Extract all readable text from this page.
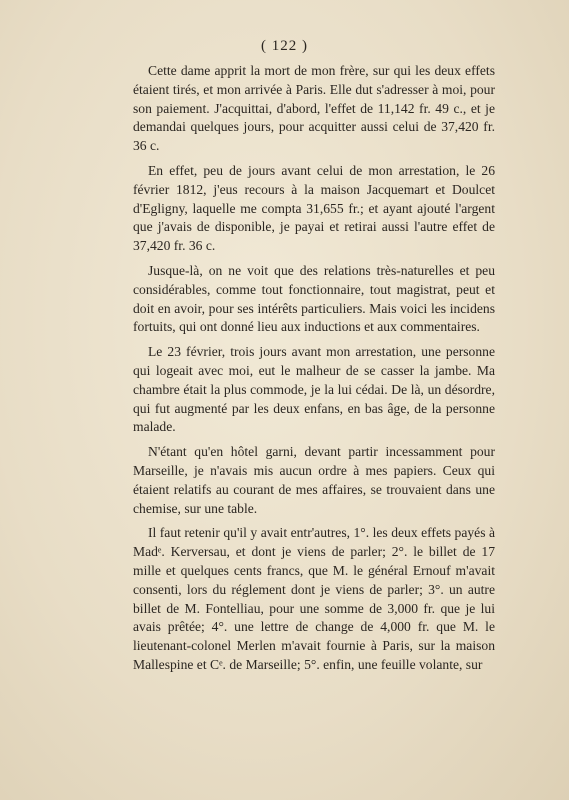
( 122 )

Cette dame apprit la mort de mon frère, sur qui les deux effets étaient tirés, et mon arrivée à Paris. Elle dut s'adresser à moi, pour son paiement. J'acquittai, d'abord, l'effet de 11,142 fr. 49 c., et je demandai quelques jours, pour acquitter aussi celui de 37,420 fr. 36 c.

En effet, peu de jours avant celui de mon arrestation, le 26 février 1812, j'eus recours à la maison Jacquemart et Doulcet d'Egligny, laquelle me compta 31,655 fr.; et ayant ajouté l'argent que j'avais de disponible, je payai et retirai aussi l'autre effet de 37,420 fr. 36 c.

Jusque-là, on ne voit que des relations très-naturelles et peu considérables, comme tout fonctionnaire, tout magistrat, peut et doit en avoir, pour ses intérêts particuliers. Mais voici les incidens fortuits, qui ont donné lieu aux inductions et aux commentaires.

Le 23 février, trois jours avant mon arrestation, une personne qui logeait avec moi, eut le malheur de se casser la jambe. Ma chambre était la plus commode, je la lui cédai. De là, un désordre, qui fut augmenté par les deux enfans, en bas âge, de la personne malade.

N'étant qu'en hôtel garni, devant partir incessamment pour Marseille, je n'avais mis aucun ordre à mes papiers. Ceux qui étaient relatifs au courant de mes affaires, se trouvaient dans une chemise, sur une table.

Il faut retenir qu'il y avait entr'autres, 1°. les deux effets payés à Madᵉ. Kerversau, et dont je viens de parler; 2°. le billet de 17 mille et quelques cents francs, que M. le général Ernouf m'avait consenti, lors du réglement dont je viens de parler; 3°. un autre billet de M. Fontelliau, pour une somme de 3,000 fr. que je lui avais prêtée; 4°. une lettre de change de 4,000 fr. que M. le lieutenant-colonel Merlen m'avait fournie à Paris, sur la maison Mallespine et Cᵉ. de Marseille; 5°. enfin, une feuille volante, sur
